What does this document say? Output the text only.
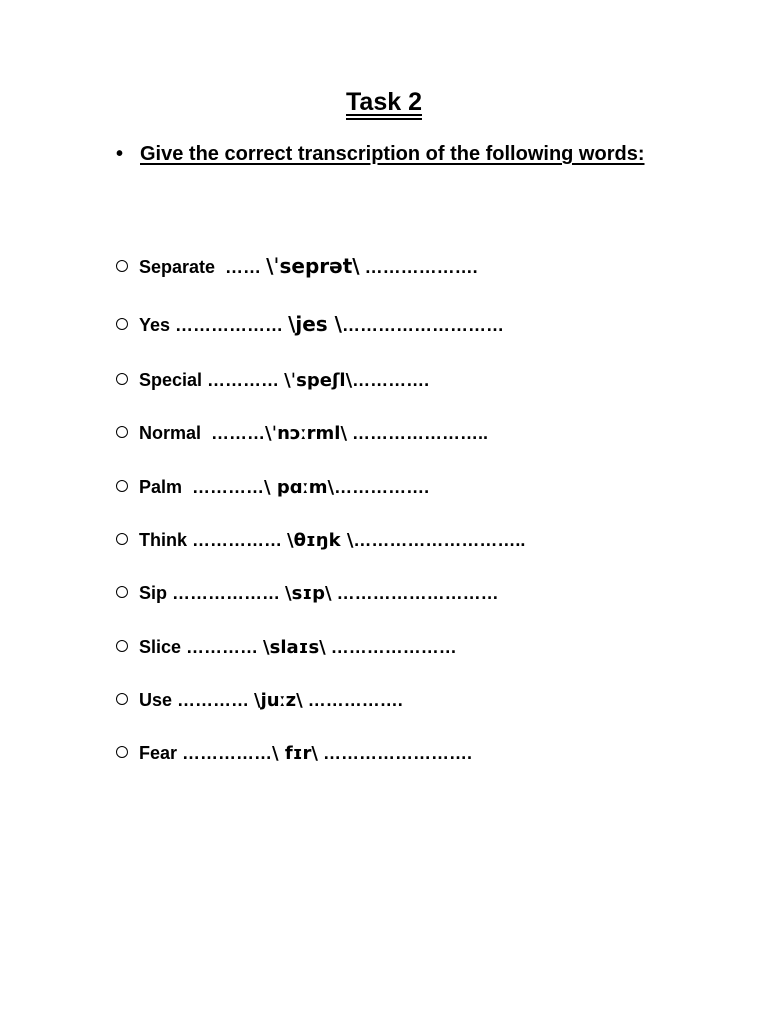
Task 2
• Give the correct transcription of the following words:
Separate  …… \ˈseprət\ ……………….
Yes ……………… \jes \………………………
Special ………… \ˈspeʃl\………….
Normal  ………\ˈnɔːrml\ …………………..
Palm  …………\ pɑːm\…………….
Think …………… \θɪŋk \………………………..
Sip ……………… \sɪp\ ………………………
Slice ………… \slaɪs\ …………………
Use ………… \juːz\ …………….
Fear ……………\ fɪr\ …………………….
